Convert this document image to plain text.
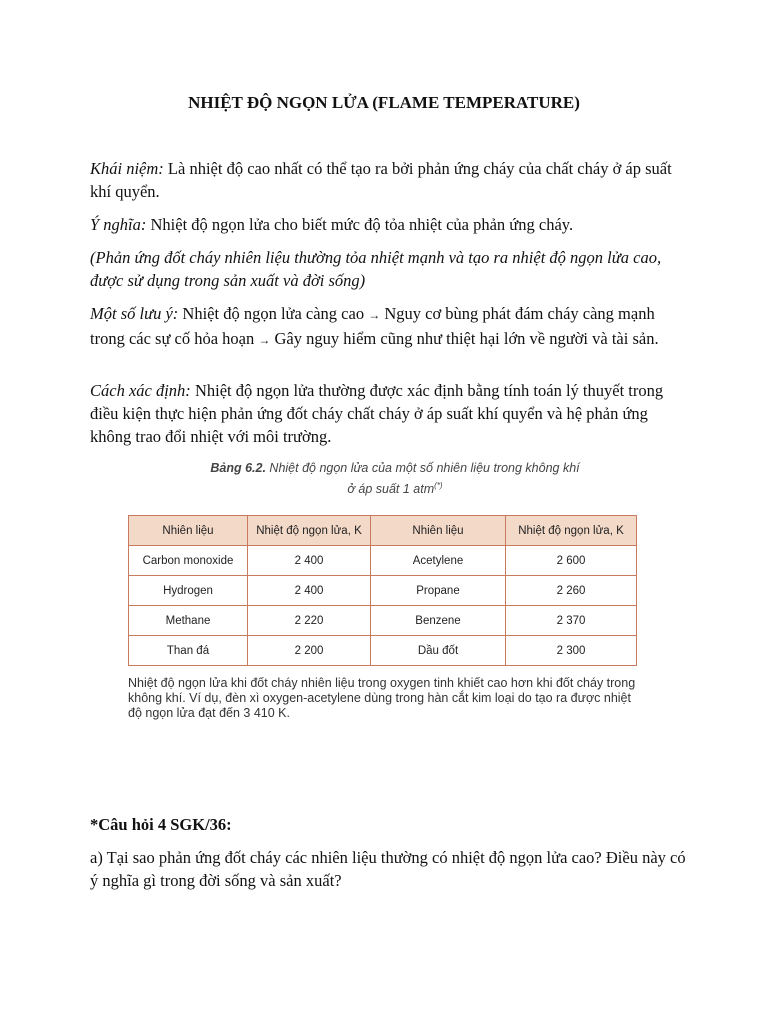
NHIỆT ĐỘ NGỌN LỬA (FLAME TEMPERATURE)

Khái niệm: Là nhiệt độ cao nhất có thể tạo ra bởi phản ứng cháy của chất cháy ở áp suất khí quyển.

Ý nghĩa: Nhiệt độ ngọn lửa cho biết mức độ tỏa nhiệt của phản ứng cháy.

(Phản ứng đốt cháy nhiên liệu thường tỏa nhiệt mạnh và tạo ra nhiệt độ ngọn lửa cao, được sử dụng trong sản xuất và đời sống)

Một số lưu ý: Nhiệt độ ngọn lửa càng cao → Nguy cơ bùng phát đám cháy càng mạnh trong các sự cố hỏa hoạn → Gây nguy hiểm cũng như thiệt hại lớn về người và tài sản.

Cách xác định: Nhiệt độ ngọn lửa thường được xác định bằng tính toán lý thuyết trong điều kiện thực hiện phản ứng đốt cháy chất cháy ở áp suất khí quyển và hệ phản ứng không trao đổi nhiệt với môi trường.

Bảng 6.2. Nhiệt độ ngọn lửa của một số nhiên liệu trong không khí
ở áp suất 1 atm(*)
Nhiên liệu	Nhiệt độ ngọn lửa, K	Nhiên liệu	Nhiệt độ ngọn lửa, K
Carbon monoxide	2 400	Acetylene	2 600
Hydrogen	2 400	Propane	2 260
Methane	2 220	Benzene	2 370
Than đá	2 200	Dầu đốt	2 300
Nhiệt độ ngọn lửa khi đốt cháy nhiên liệu trong oxygen tinh khiết cao hơn khi đốt cháy trong không khí. Ví dụ, đèn xì oxygen-acetylene dùng trong hàn cắt kim loại do tạo ra được nhiệt độ ngọn lửa đạt đến 3 410 K.
*Câu hỏi 4 SGK/36:

a) Tại sao phản ứng đốt cháy các nhiên liệu thường có nhiệt độ ngọn lửa cao? Điều này có ý nghĩa gì trong đời sống và sản xuất?
